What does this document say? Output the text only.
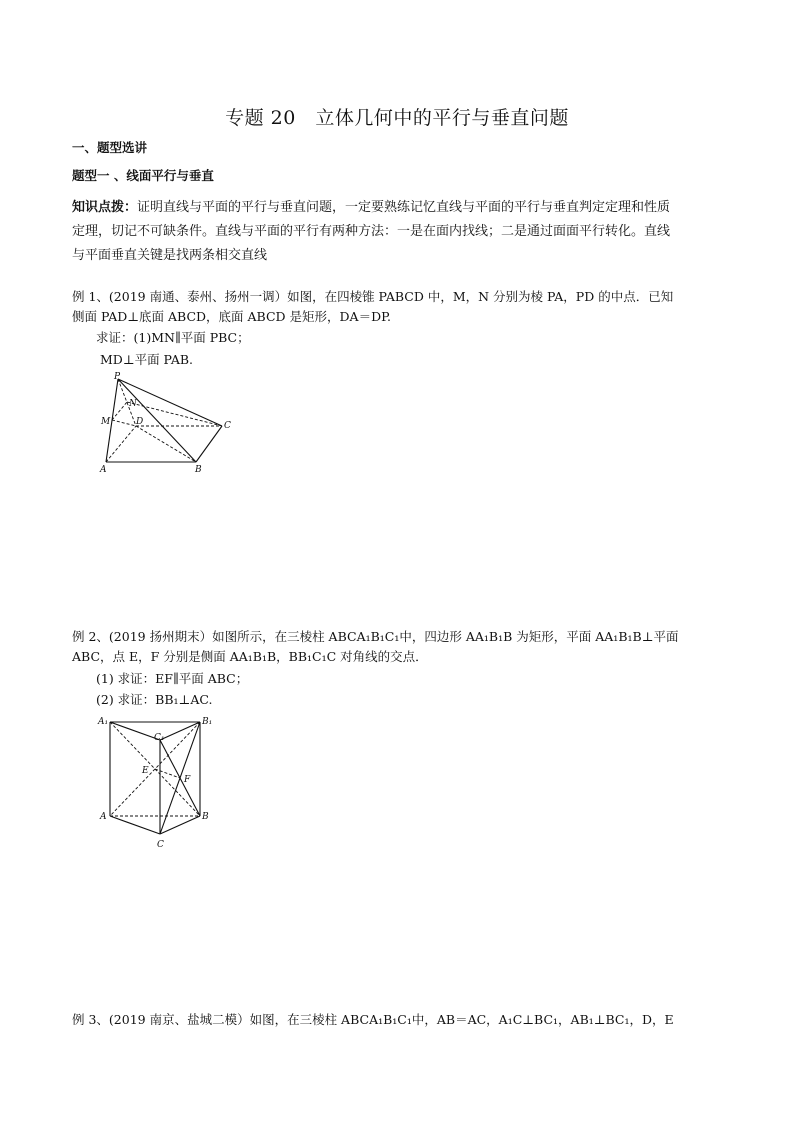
专题 20　立体几何中的平行与垂直问题
一、题型选讲
题型一 、线面平行与垂直
知识点拨：证明直线与平面的平行与垂直问题，一定要熟练记忆直线与平面的平行与垂直判定定理和性质
定理，切记不可缺条件。直线与平面的平行有两种方法：一是在面内找线；二是通过面面平行转化。直线
与平面垂直关键是找两条相交直线
例 1、(2019 南通、泰州、扬州一调）如图，在四棱锥 PABCD 中，M，N 分别为棱 PA，PD 的中点．已知
侧面 PAD⊥底面 ABCD，底面 ABCD 是矩形，DA＝DP.
求证：(1)MN∥平面 PBC；
MD⊥平面 PAB.
P
N
D
M	C
A	B
例 2、(2019 扬州期末）如图所示，在三棱柱 ABCA₁B₁C₁中，四边形 AA₁B₁B 为矩形，平面 AA₁B₁B⊥平面
ABC，点 E，F 分别是侧面 AA₁B₁B，BB₁C₁C 对角线的交点．
(1) 求证：EF∥平面 ABC；
(2) 求证：BB₁⊥AC.
A₁	B₁
C₁
E
F
A	B
C
例 3、(2019 南京、盐城二模）如图，在三棱柱 ABCA₁B₁C₁中，AB＝AC，A₁C⊥BC₁，AB₁⊥BC₁，D，E
